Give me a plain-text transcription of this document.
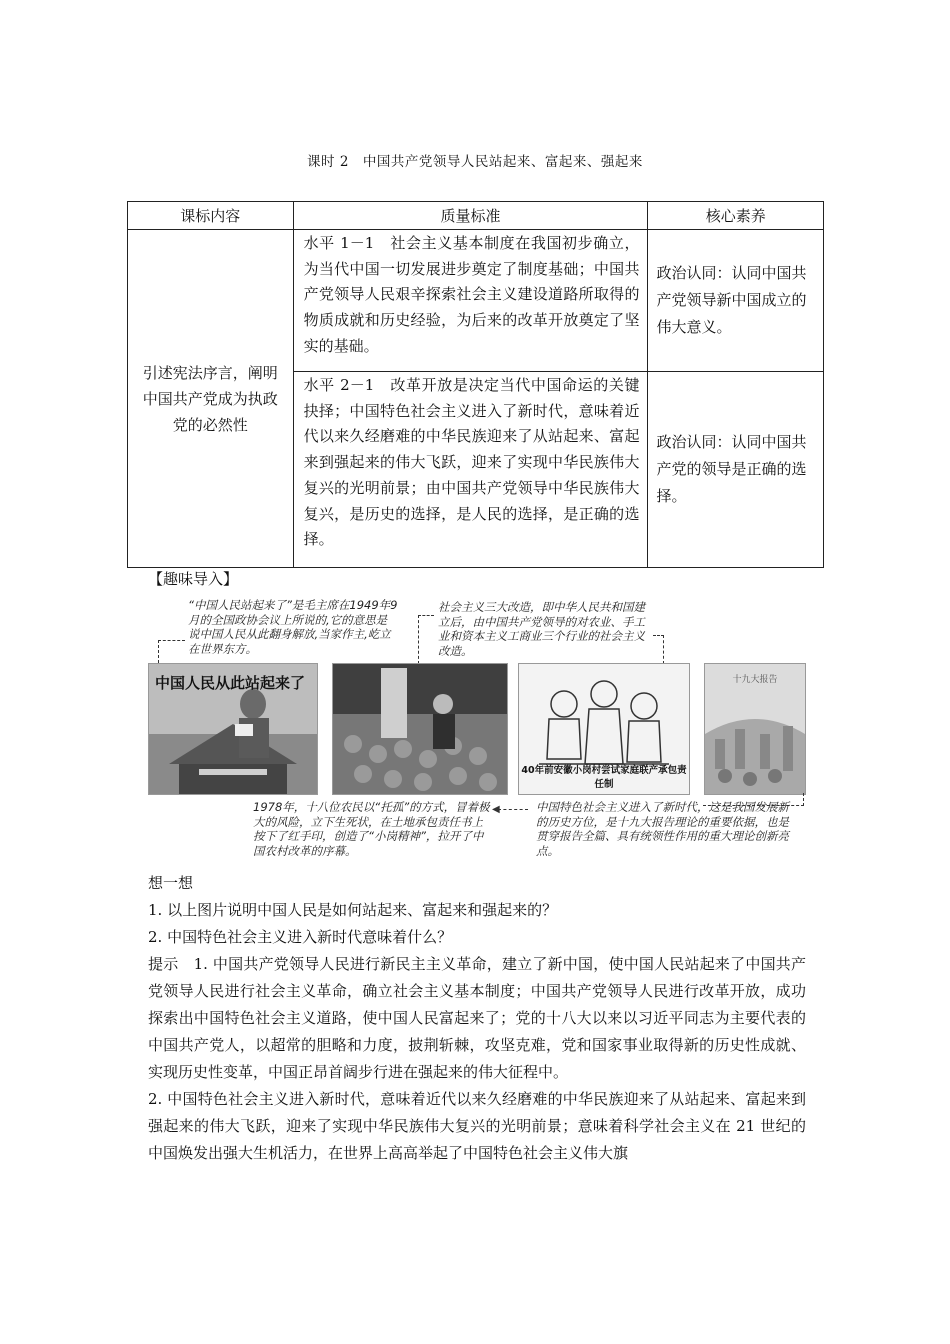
课时 2　中国共产党领导人民站起来、富起来、强起来
课标内容	质量标准	核心素养
引述宪法序言，阐明中国共产党成为执政党的必然性	水平 1－1　社会主义基本制度在我国初步确立，为当代中国一切发展进步奠定了制度基础；中国共产党领导人民艰辛探索社会主义建设道路所取得的物质成就和历史经验，为后来的改革开放奠定了坚实的基础。	政治认同：认同中国共产党领导新中国成立的伟大意义。
	水平 2－1　改革开放是决定当代中国命运的关键抉择；中国特色社会主义进入了新时代，意味着近代以来久经磨难的中华民族迎来了从站起来、富起来到强起来的伟大飞跃，迎来了实现中华民族伟大复兴的光明前景；由中国共产党领导中华民族伟大复兴，是历史的选择，是人民的选择，是正确的选择。	政治认同：认同中国共产党的领导是正确的选择。
【趣味导入】
“中国人民站起来了”是毛主席在1949年9月的全国政协会议上所说的,它的意思是说中国人民从此翻身解放,当家作主,屹立在世界东方。
社会主义三大改造，即中华人民共和国建立后，由中国共产党领导的对农业、手工业和资本主义工商业三个行业的社会主义改造。
中国人民从此站起来了
40年前安徽小岗村尝试家庭联产承包责任制
十九大报告
◀
1978年，十八位农民以“托孤”的方式，冒着极大的风险，立下生死状，在土地承包责任书上按下了红手印，创造了“小岗精神”，拉开了中国农村改革的序幕。
中国特色社会主义进入了新时代，这是我国发展新的历史方位，是十九大报告理论的重要依据，也是贯穿报告全篇、具有统领性作用的重大理论创新亮点。

想一想

1. 以上图片说明中国人民是如何站起来、富起来和强起来的？

2. 中国特色社会主义进入新时代意味着什么？

提示　1. 中国共产党领导人民进行新民主主义革命，建立了新中国，使中国人民站起来了中国共产党领导人民进行社会主义革命，确立社会主义基本制度；中国共产党领导人民进行改革开放，成功探索出中国特色社会主义道路，使中国人民富起来了；党的十八大以来以习近平同志为主要代表的中国共产党人，以超常的胆略和力度，披荆斩棘，攻坚克难，党和国家事业取得新的历史性成就、实现历史性变革，中国正昂首阔步行进在强起来的伟大征程中。

2. 中国特色社会主义进入新时代，意味着近代以来久经磨难的中华民族迎来了从站起来、富起来到强起来的伟大飞跃，迎来了实现中华民族伟大复兴的光明前景；意味着科学社会主义在 21 世纪的中国焕发出强大生机活力，在世界上高高举起了中国特色社会主义伟大旗
